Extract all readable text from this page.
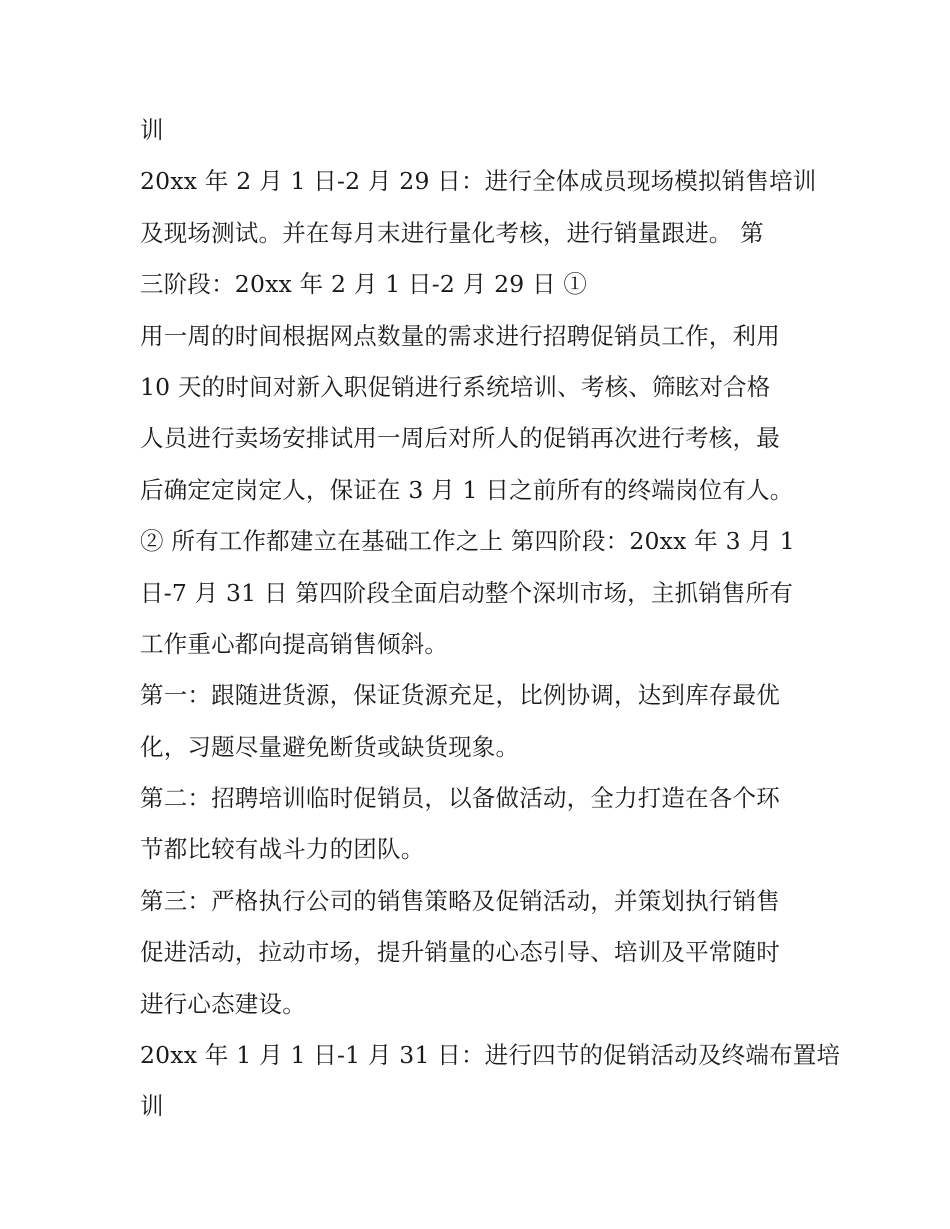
训
20xx 年 2 月 1 日-2 月 29 日：进行全体成员现场模拟销售培训
及现场测试。并在每月末进行量化考核，进行销量跟进。 第
三阶段：20xx 年 2 月 1 日-2 月 29 日 ①
用一周的时间根据网点数量的需求进行招聘促销员工作，利用
10 天的时间对新入职促销进行系统培训、考核、筛眩对合格
人员进行卖场安排试用一周后对所人的促销再次进行考核，最
后确定定岗定人，保证在 3 月 1 日之前所有的终端岗位有人。
② 所有工作都建立在基础工作之上 第四阶段：20xx 年 3 月 1
日-7 月 31 日 第四阶段全面启动整个深圳市场，主抓销售所有
工作重心都向提高销售倾斜。
第一：跟随进货源，保证货源充足，比例协调，达到库存最优
化，习题尽量避免断货或缺货现象。
第二：招聘培训临时促销员，以备做活动，全力打造在各个环
节都比较有战斗力的团队。
第三：严格执行公司的销售策略及促销活动，并策划执行销售
促进活动，拉动市场，提升销量的心态引导、培训及平常随时
进行心态建设。
20xx 年 1 月 1 日-1 月 31 日：进行四节的促销活动及终端布置培
训
